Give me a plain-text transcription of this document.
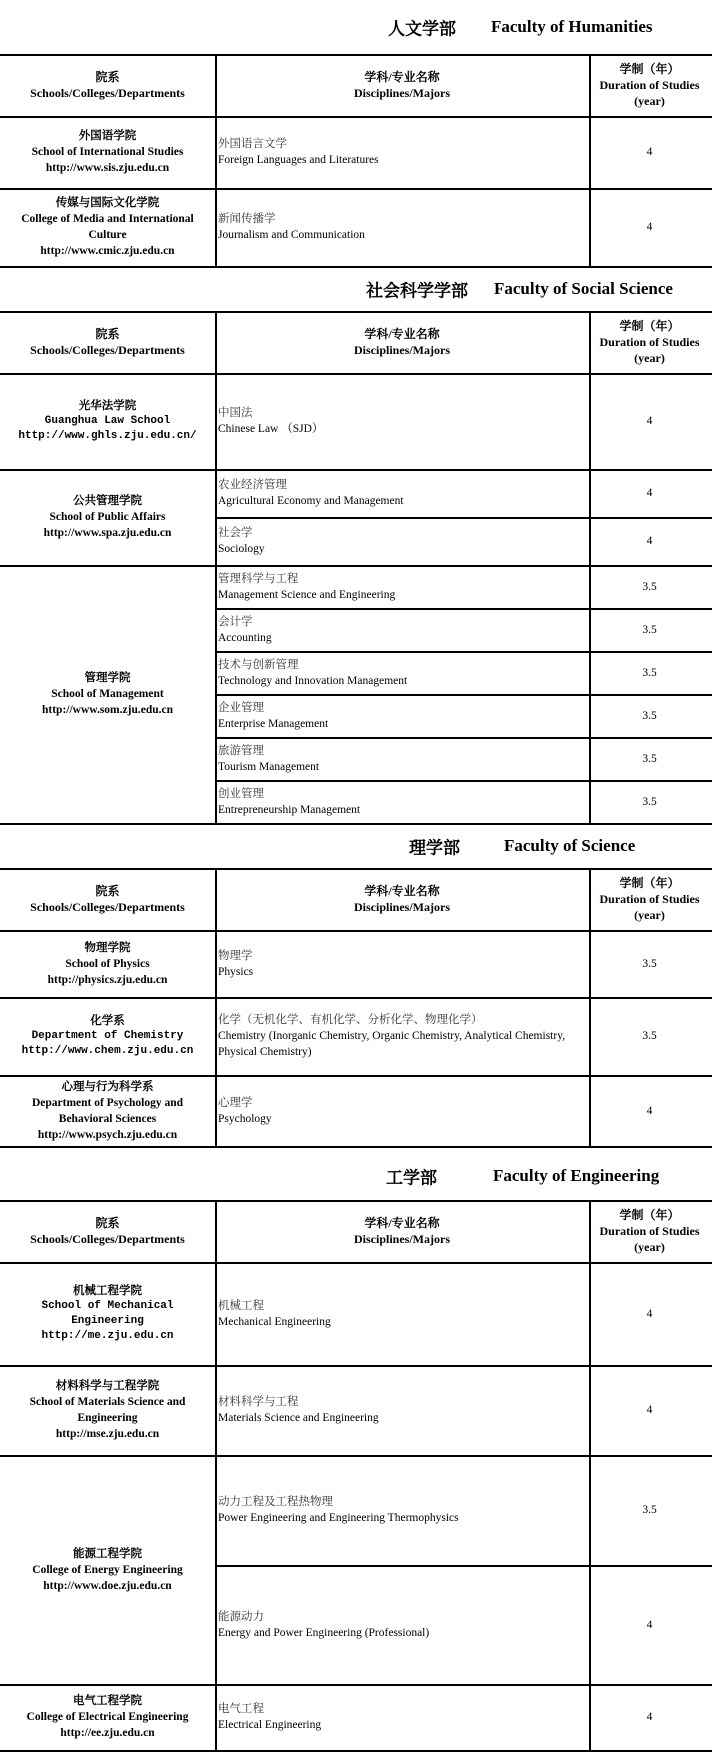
人文学部 Faculty of Humanities
院系
Schools/Colleges/Departments
学科/专业名称
Disciplines/Majors
学制（年）
Duration of Studies
(year)
外国语学院
School of International Studies
http://www.sis.zju.edu.cn
外国语言文学
Foreign Languages and Literatures
4
传媒与国际文化学院
College of Media and International Culture
http://www.cmic.zju.edu.cn
新闻传播学
Journalism and Communication
4
社会科学学部 Faculty of Social Science
院系
Schools/Colleges/Departments
学科/专业名称
Disciplines/Majors
学制（年）
Duration of Studies
(year)
光华法学院
Guanghua Law School
http://www.ghls.zju.edu.cn/
中国法
Chinese Law （SJD）
4
公共管理学院
School of Public Affairs
http://www.spa.zju.edu.cn
农业经济管理
Agricultural Economy and Management
4
社会学
Sociology
4
管理学院
School of Management
http://www.som.zju.edu.cn
管理科学与工程
Management Science and Engineering
3.5
会计学
Accounting
3.5
技术与创新管理
Technology and Innovation Management
3.5
企业管理
Enterprise Management
3.5
旅游管理
Tourism Management
3.5
创业管理
Entrepreneurship Management
3.5
理学部	Faculty of Science
院系
Schools/Colleges/Departments
学科/专业名称
Disciplines/Majors
学制（年）
Duration of Studies
(year)
物理学院
School of Physics
http://physics.zju.edu.cn
物理学
Physics
3.5
化学系
Department of Chemistry
http://www.chem.zju.edu.cn
化学（无机化学、有机化学、分析化学、物理化学）
Chemistry (Inorganic Chemistry, Organic Chemistry, Analytical Chemistry, Physical Chemistry)
3.5
心理与行为科学系
Department of Psychology and Behavioral Sciences
http://www.psych.zju.edu.cn
心理学
Psychology
4
工学部	Faculty of Engineering
院系
Schools/Colleges/Departments
学科/专业名称
Disciplines/Majors
学制（年）
Duration of Studies
(year)
机械工程学院
School of Mechanical Engineering
http://me.zju.edu.cn
机械工程
Mechanical Engineering
4
材料科学与工程学院
School of Materials Science and Engineering
http://mse.zju.edu.cn
材料科学与工程
Materials Science and Engineering
4
能源工程学院
College of Energy Engineering
http://www.doe.zju.edu.cn
动力工程及工程热物理
Power Engineering and Engineering Thermophysics
3.5
能源动力
Energy and Power Engineering (Professional)
4
电气工程学院
College of Electrical Engineering
http://ee.zju.edu.cn
电气工程
Electrical Engineering
4
